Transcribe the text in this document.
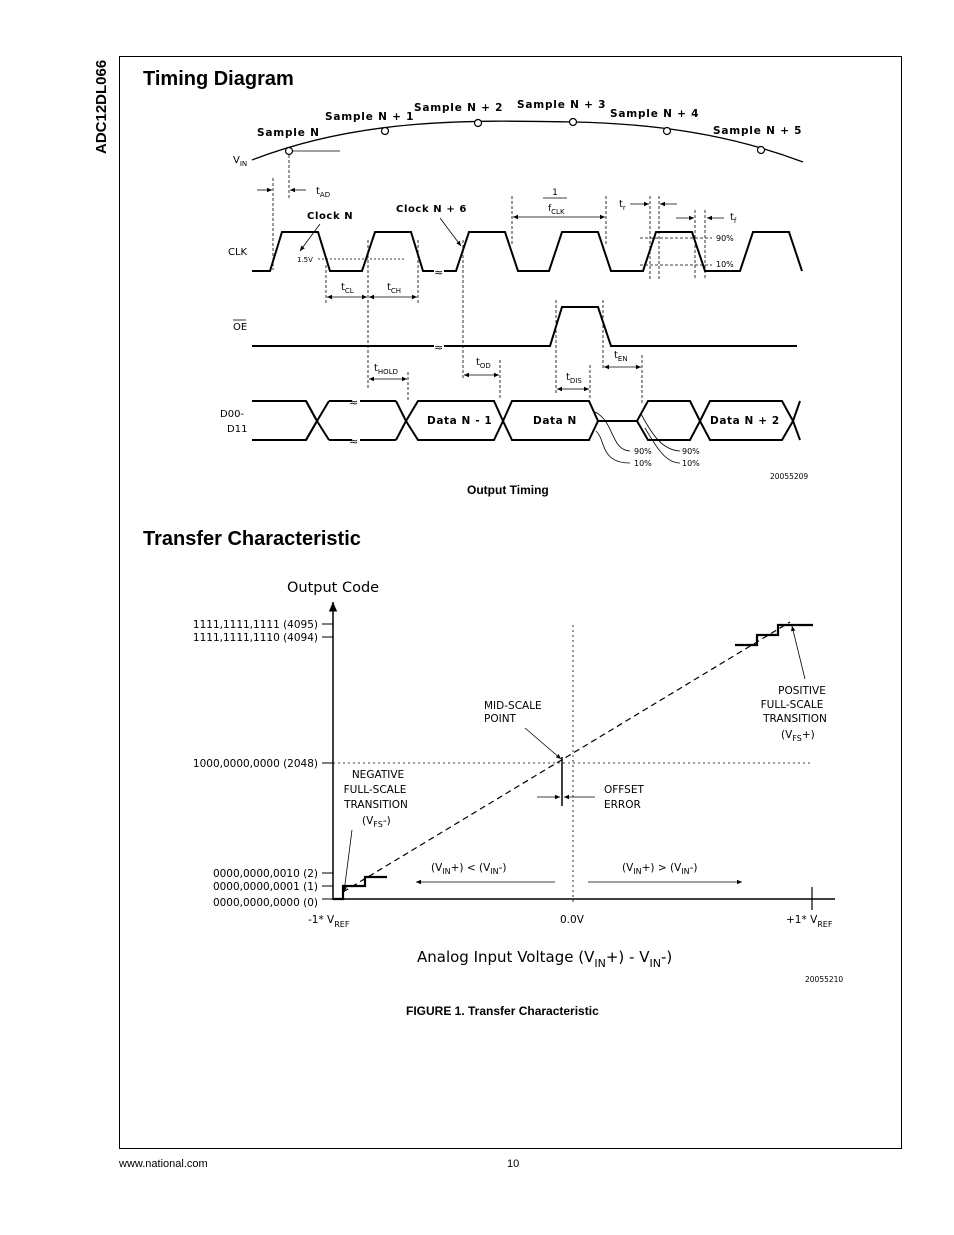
ADC12DL066 Timing Diagram
Sample N
Sample N + 1
Sample N + 2 Sample N + 3
Sample N + 4
Sample N + 5
$V_{IN}$
$t_{AD}$
Clock N
Clock N + 6
1
$f_{CLK}$
$t_r$
$t_f$
90%
10%
CLK
≈
1.5V
$t_{CL}$	$t_{CH}$
OE
≈
$t_{HOLD}$
$t_{OD}$
$t_{DIS}$
$t_{EN}$
D00-
D11
≈
≈
Data N - 1	Data N	Data N + 2
90%
10%
90%
10%
20055209
Output Timing
Transfer Characteristic
Output Code
1111,1111,1111 (4095)
1111,1111,1110 (4094)
1000,0000,0000 (2048)
0000,0000,0010 (2)
0000,0000,0001 (1)
0000,0000,0000 (0)
OFFSET
ERROR
MID-SCALE
POINT
POSITIVE
FULL-SCALE
TRANSITION
$(V_{FS}+)$
NEGATIVE
FULL-SCALE
TRANSITION
$(V_{FS}-)$
$(V_{IN}+) < (V_{IN}-)$	$(V_{IN}+) > (V_{IN}-)$
-1* $V_{REF}$	0.0V	+1* $V_{REF}$
Analog Input Voltage $(V_{IN}+) - V_{IN}-$)
20055210
FIGURE 1. Transfer Characteristic
www.national.com	10
